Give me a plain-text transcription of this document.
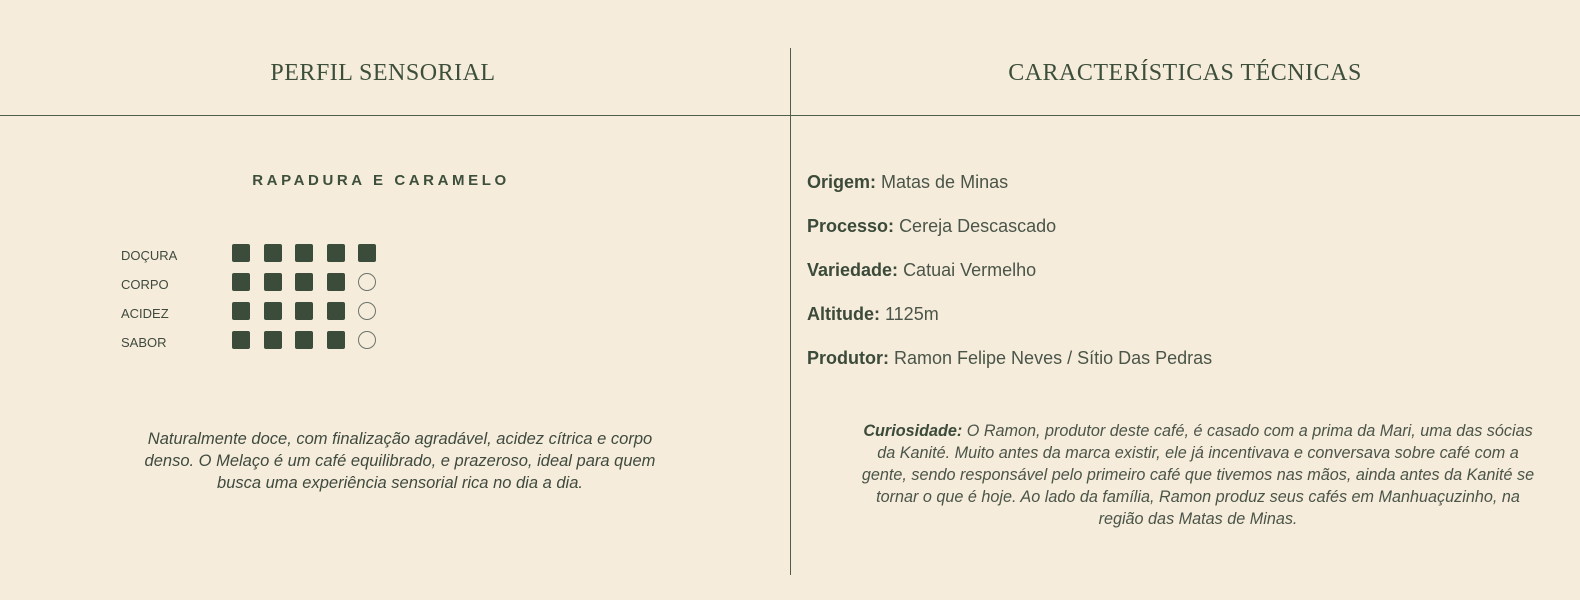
PERFIL SENSORIAL	CARACTERÍSTICAS TÉCNICAS
RAPADURA E CARAMELO
DOÇURA
CORPO
ACIDEZ
SABOR
Naturalmente doce, com finalização agradável, acidez cítrica e corpo denso. O Melaço é um café equilibrado, e prazeroso, ideal para quem busca uma experiência sensorial rica no dia a dia.
Origem: Matas de Minas
Processo: Cereja Descascado
Variedade: Catuai Vermelho
Altitude: 1125m
Produtor: Ramon Felipe Neves / Sítio Das Pedras
Curiosidade: O Ramon, produtor deste café, é casado com a prima da Mari, uma das sócias da Kanité. Muito antes da marca existir, ele já incentivava e conversava sobre café com a gente, sendo responsável pelo primeiro café que tivemos nas mãos, ainda antes da Kanité se tornar o que é hoje. Ao lado da família, Ramon produz seus cafés em Manhuaçuzinho, na região das Matas de Minas.
